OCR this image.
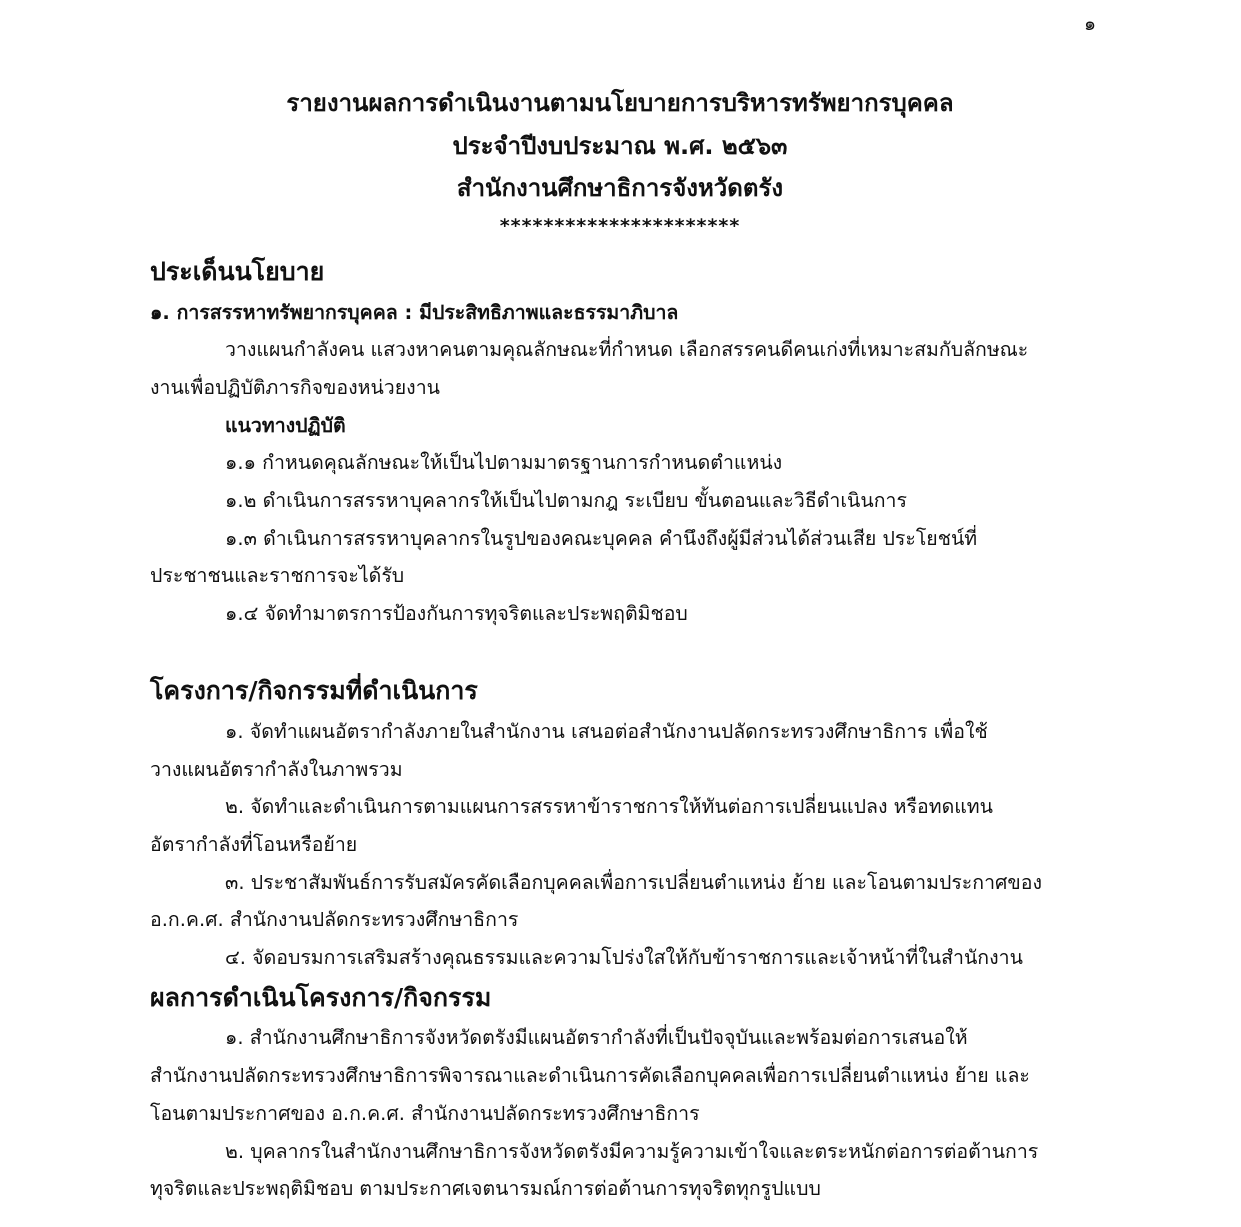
๑
รายงานผลการดำเนินงานตามนโยบายการบริหารทรัพยากรบุคคล
ประจำปีงบประมาณ พ.ศ. ๒๕๖๓
สำนักงานศึกษาธิการจังหวัดตรัง
**********************
ประเด็นนโยบาย
๑. การสรรหาทรัพยากรบุคคล : มีประสิทธิภาพและธรรมาภิบาล
วางแผนกำลังคน แสวงหาคนตามคุณลักษณะที่กำหนด เลือกสรรคนดีคนเก่งที่เหมาะสมกับลักษณะ
งานเพื่อปฏิบัติภารกิจของหน่วยงาน
แนวทางปฏิบัติ
๑.๑ กำหนดคุณลักษณะให้เป็นไปตามมาตรฐานการกำหนดตำแหน่ง
๑.๒ ดำเนินการสรรหาบุคลากรให้เป็นไปตามกฎ ระเบียบ ขั้นตอนและวิธีดำเนินการ
๑.๓ ดำเนินการสรรหาบุคลากรในรูปของคณะบุคคล คำนึงถึงผู้มีส่วนได้ส่วนเสีย ประโยชน์ที่
ประชาชนและราชการจะได้รับ
๑.๔ จัดทำมาตรการป้องกันการทุจริตและประพฤติมิชอบ
โครงการ/กิจกรรมที่ดำเนินการ
๑. จัดทำแผนอัตรากำลังภายในสำนักงาน เสนอต่อสำนักงานปลัดกระทรวงศึกษาธิการ เพื่อใช้
วางแผนอัตรากำลังในภาพรวม
๒. จัดทำและดำเนินการตามแผนการสรรหาข้าราชการให้ทันต่อการเปลี่ยนแปลง หรือทดแทน
อัตรากำลังที่โอนหรือย้าย
๓. ประชาสัมพันธ์การรับสมัครคัดเลือกบุคคลเพื่อการเปลี่ยนตำแหน่ง ย้าย และโอนตามประกาศของ
อ.ก.ค.ศ. สำนักงานปลัดกระทรวงศึกษาธิการ
๔. จัดอบรมการเสริมสร้างคุณธรรมและความโปร่งใสให้กับข้าราชการและเจ้าหน้าที่ในสำนักงาน
ผลการดำเนินโครงการ/กิจกรรม
๑. สำนักงานศึกษาธิการจังหวัดตรังมีแผนอัตรากำลังที่เป็นปัจจุบันและพร้อมต่อการเสนอให้
สำนักงานปลัดกระทรวงศึกษาธิการพิจารณาและดำเนินการคัดเลือกบุคคลเพื่อการเปลี่ยนตำแหน่ง ย้าย และ
โอนตามประกาศของ อ.ก.ค.ศ. สำนักงานปลัดกระทรวงศึกษาธิการ
๒. บุคลากรในสำนักงานศึกษาธิการจังหวัดตรังมีความรู้ความเข้าใจและตระหนักต่อการต่อต้านการ
ทุจริตและประพฤติมิชอบ ตามประกาศเจตนารมณ์การต่อต้านการทุจริตทุกรูปแบบ
